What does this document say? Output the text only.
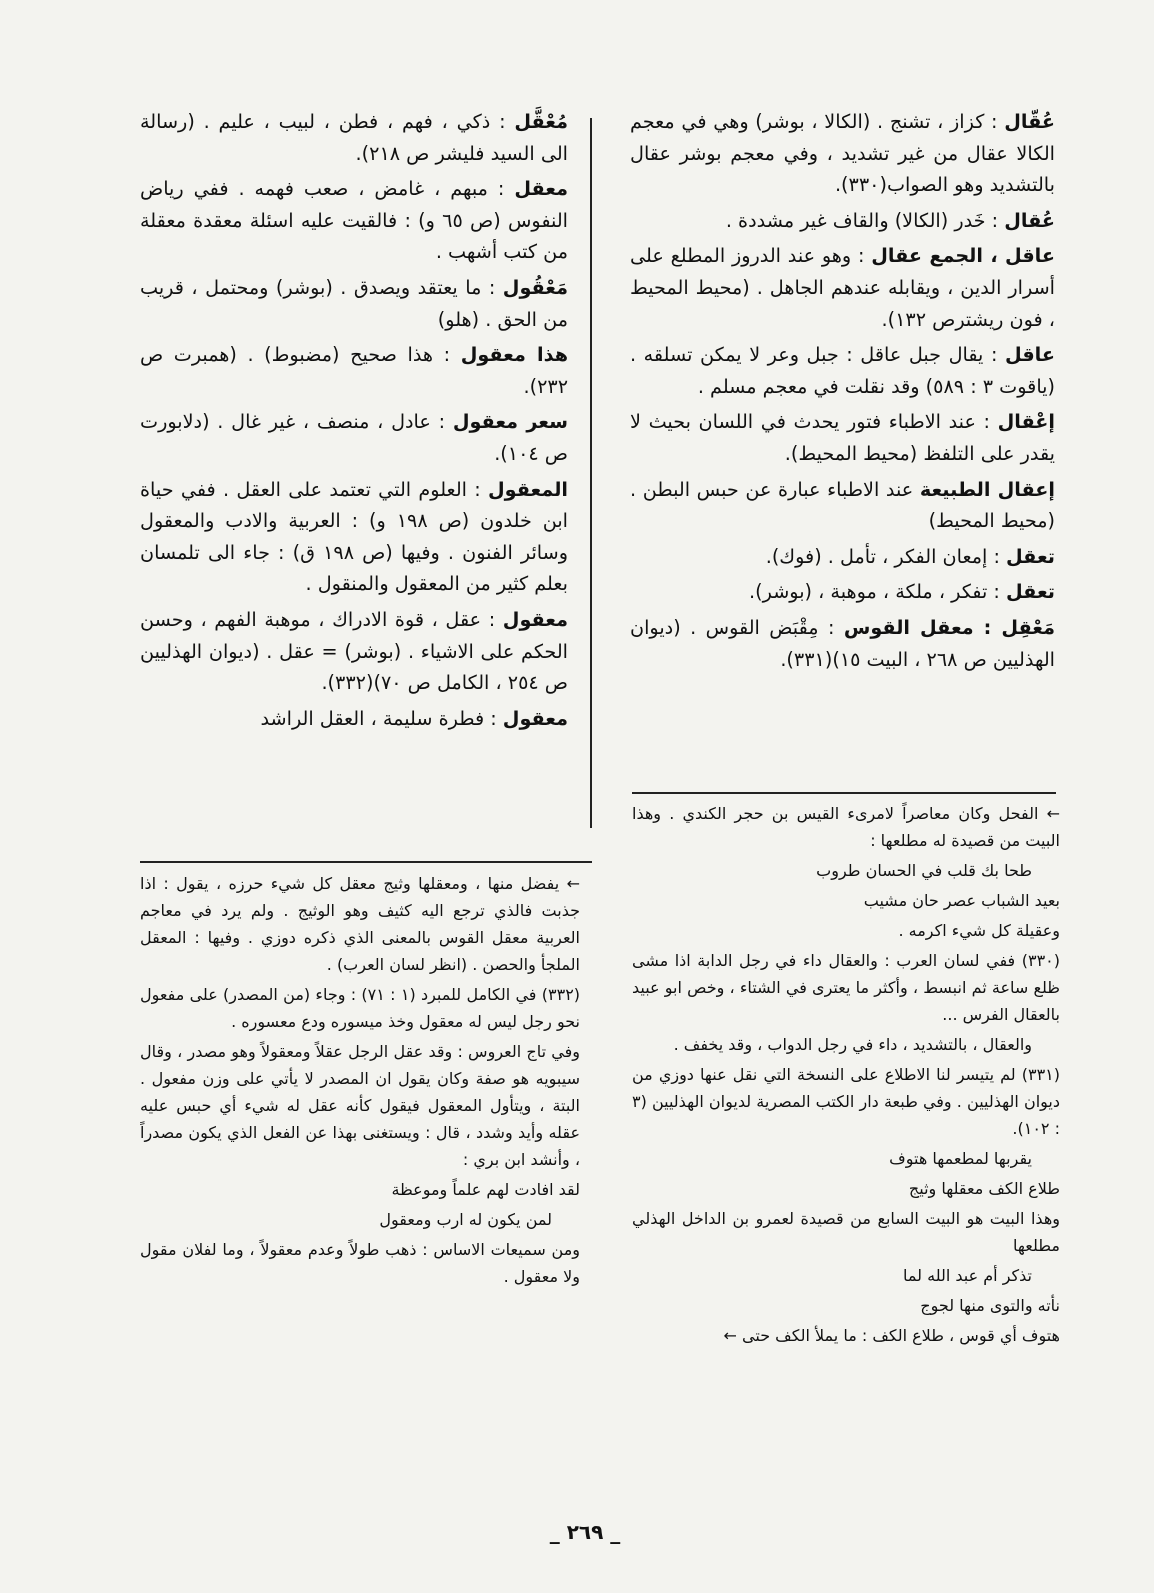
عُقّال : كزاز ، تشنج . (الكالا ، بوشر) وهي في معجم الكالا عقال من غير تشديد ، وفي معجم بوشر عقال بالتشديد وهو الصواب(٣٣٠).

عُقال : خَدر (الكالا) والقاف غير مشددة .

عاقل ، الجمع عقال : وهو عند الدروز المطلع على أسرار الدين ، ويقابله عندهم الجاهل . (محيط المحيط ، فون ريشترص ١٣٢).

عاقل : يقال جبل عاقل : جبل وعر لا يمكن تسلقه . (ياقوت ٣ : ٥٨٩) وقد نقلت في معجم مسلم .

إعْقال : عند الاطباء فتور يحدث في اللسان بحيث لا يقدر على التلفظ (محيط المحيط).

إعقال الطبيعة عند الاطباء عبارة عن حبس البطن . (محيط المحيط)

تعقل : إمعان الفكر ، تأمل . (فوك).

تعقل : تفكر ، ملكة ، موهبة ، (بوشر).

مَعْقِل : معقل القوس : مِقْبَض القوس . (ديوان الهذليين ص ٢٦٨ ، البيت ١٥)(٣٣١).

مُعْقَّل : ذكي ، فهم ، فطن ، لبيب ، عليم . (رسالة الى السيد فليشر ص ٢١٨).

معقل : مبهم ، غامض ، صعب فهمه . ففي رياض النفوس (ص ٦٥ و) : فالقيت عليه اسئلة معقدة معقلة من كتب أشهب .

مَعْقُول : ما يعتقد ويصدق . (بوشر) ومحتمل ، قريب من الحق . (هلو)

هذا معقول : هذا صحيح (مضبوط) . (همبرت ص ٢٣٢).

سعر معقول : عادل ، منصف ، غير غال . (دلابورت ص ١٠٤).

المعقول : العلوم التي تعتمد على العقل . ففي حياة ابن خلدون (ص ١٩٨ و) : العربية والادب والمعقول وسائر الفنون . وفيها (ص ١٩٨ ق) : جاء الى تلمسان بعلم كثير من المعقول والمنقول .

معقول : عقل ، قوة الادراك ، موهبة الفهم ، وحسن الحكم على الاشياء . (بوشر) = عقل . (ديوان الهذليين ص ٢٥٤ ، الكامل ص ٧٠)(٣٣٢).

معقول : فطرة سليمة ، العقل الراشد

← الفحل وكان معاصراً لامرىء القيس بن حجر الكندي . وهذا البيت من قصيدة له مطلعها :

طحا بك قلب في الحسان طروب

بعيد الشباب عصر حان مشيب

وعقيلة كل شيء اكرمه .

(٣٣٠) ففي لسان العرب : والعقال داء في رجل الدابة اذا مشى ظلع ساعة ثم انبسط ، وأكثر ما يعترى في الشتاء ، وخص ابو عبيد بالعقال الفرس ...

والعقال ، بالتشديد ، داء في رجل الدواب ، وقد يخفف .

(٣٣١) لم يتيسر لنا الاطلاع على النسخة التي نقل عنها دوزي من ديوان الهذليين . وفي طبعة دار الكتب المصرية لديوان الهذليين (٣ : ١٠٢).

يقربها لمطعمها هتوف

طلاع الكف معقلها وثيج

وهذا البيت هو البيت السابع من قصيدة لعمرو بن الداخل الهذلي مطلعها

تذكر أم عبد الله لما

نأته والتوى منها لجوج

هتوف أي قوس ، طلاع الكف : ما يملأ الكف حتى ←

← يفضل منها ، ومعقلها وثيج معقل كل شيء حرزه ، يقول : اذا جذبت فالذي ترجع اليه كثيف وهو الوثيج . ولم يرد في معاجم العربية معقل القوس بالمعنى الذي ذكره دوزي . وفيها : المعقل الملجأ والحصن . (انظر لسان العرب) .

(٣٣٢) في الكامل للمبرد (١ : ٧١) : وجاء (من المصدر) على مفعول نحو رجل ليس له معقول وخذ ميسوره ودع معسوره .

وفي تاج العروس : وقد عقل الرجل عقلاً ومعقولاً وهو مصدر ، وقال سيبويه هو صفة وكان يقول ان المصدر لا يأتي على وزن مفعول . البتة ، ويتأول المعقول فيقول كأنه عقل له شيء أي حبس عليه عقله وأيد وشدد ، قال : ويستغنى بهذا عن الفعل الذي يكون مصدراً ، وأنشد ابن بري :

لقد افادت لهم علماً وموعظة

لمن يكون له ارب ومعقول

ومن سميعات الاساس : ذهب طولاً وعدم معقولاً ، وما لفلان مقول ولا معقول .

_ ٢٦٩ _
